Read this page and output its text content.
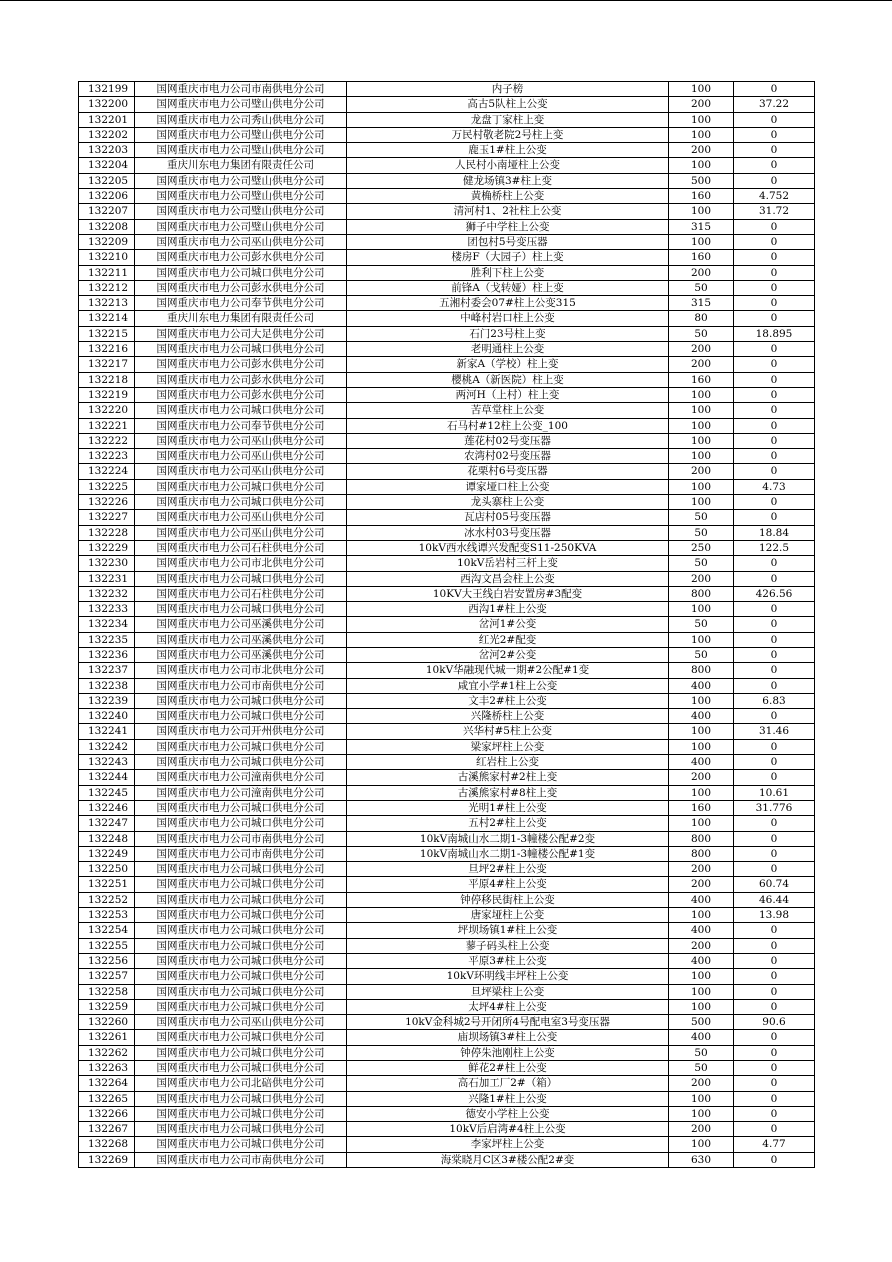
132199	国网重庆市电力公司市南供电分公司	内子榜	100	0
132200	国网重庆市电力公司璧山供电分公司	高古5队柱上公变	200	37.22
132201	国网重庆市电力公司秀山供电分公司	龙盘丁家柱上变	100	0
132202	国网重庆市电力公司璧山供电分公司	万民村敬老院2号柱上变	100	0
132203	国网重庆市电力公司璧山供电分公司	鹿玉1#柱上公变	200	0
132204	重庆川东电力集团有限责任公司	人民村小南垭柱上公变	100	0
132205	国网重庆市电力公司璧山供电分公司	健龙场镇3#柱上变	500	0
132206	国网重庆市电力公司璧山供电分公司	黄桷桥柱上公变	160	4.752
132207	国网重庆市电力公司璧山供电分公司	清河村1、2社柱上公变	100	31.72
132208	国网重庆市电力公司璧山供电分公司	狮子中学柱上公变	315	0
132209	国网重庆市电力公司巫山供电分公司	团包村5号变压器	100	0
132210	国网重庆市电力公司彭水供电分公司	楼房F（大园子）柱上变	160	0
132211	国网重庆市电力公司城口供电分公司	胜利下柱上公变	200	0
132212	国网重庆市电力公司彭水供电分公司	前锋A（戈转娅）柱上变	50	0
132213	国网重庆市电力公司奉节供电分公司	五湘村委会07#柱上公变315	315	0
132214	重庆川东电力集团有限责任公司	中峰村岩口柱上公变	80	0
132215	国网重庆市电力公司大足供电分公司	石门23号柱上变	50	18.895
132216	国网重庆市电力公司城口供电分公司	老明通柱上公变	200	0
132217	国网重庆市电力公司彭水供电分公司	新家A（学校）柱上变	200	0
132218	国网重庆市电力公司彭水供电分公司	樱桃A（新医院）柱上变	160	0
132219	国网重庆市电力公司彭水供电分公司	两河H（上村）柱上变	100	0
132220	国网重庆市电力公司城口供电分公司	苦草堂柱上公变	100	0
132221	国网重庆市电力公司奉节供电分公司	石马村#12柱上公变_100	100	0
132222	国网重庆市电力公司巫山供电分公司	莲花村02号变压器	100	0
132223	国网重庆市电力公司巫山供电分公司	农湾村02号变压器	100	0
132224	国网重庆市电力公司巫山供电分公司	花栗村6号变压器	200	0
132225	国网重庆市电力公司城口供电分公司	谭家垭口柱上公变	100	4.73
132226	国网重庆市电力公司城口供电分公司	龙头寨柱上公变	100	0
132227	国网重庆市电力公司巫山供电分公司	瓦店村05号变压器	50	0
132228	国网重庆市电力公司巫山供电分公司	冰水村03号变压器	50	18.84
132229	国网重庆市电力公司石柱供电分公司	10kV西水线谭兴发配变S11-250KVA	250	122.5
132230	国网重庆市电力公司市北供电分公司	10kV岳岩村三杆上变	50	0
132231	国网重庆市电力公司城口供电分公司	西沟文昌会柱上公变	200	0
132232	国网重庆市电力公司石柱供电分公司	10KV大王线白岩安置房#3配变	800	426.56
132233	国网重庆市电力公司城口供电分公司	西沟1#柱上公变	100	0
132234	国网重庆市电力公司巫溪供电分公司	岔河1#公变	50	0
132235	国网重庆市电力公司巫溪供电分公司	红光2#配变	100	0
132236	国网重庆市电力公司巫溪供电分公司	岔河2#公变	50	0
132237	国网重庆市电力公司市北供电分公司	10kV华融现代城一期#2公配#1变	800	0
132238	国网重庆市电力公司市南供电分公司	咸宜小学#1柱上公变	400	0
132239	国网重庆市电力公司城口供电分公司	文丰2#柱上公变	100	6.83
132240	国网重庆市电力公司城口供电分公司	兴隆桥柱上公变	400	0
132241	国网重庆市电力公司开州供电分公司	兴华村#5柱上公变	100	31.46
132242	国网重庆市电力公司城口供电分公司	梁家坪柱上公变	100	0
132243	国网重庆市电力公司城口供电分公司	红岩柱上公变	400	0
132244	国网重庆市电力公司潼南供电分公司	古溪熊家村#2柱上变	200	0
132245	国网重庆市电力公司潼南供电分公司	古溪熊家村#8柱上变	100	10.61
132246	国网重庆市电力公司城口供电分公司	光明1#柱上公变	160	31.776
132247	国网重庆市电力公司城口供电分公司	五村2#柱上公变	100	0
132248	国网重庆市电力公司市南供电分公司	10kV南城山水二期1-3幢楼公配#2变	800	0
132249	国网重庆市电力公司市南供电分公司	10kV南城山水二期1-3幢楼公配#1变	800	0
132250	国网重庆市电力公司城口供电分公司	旦坪2#柱上公变	200	0
132251	国网重庆市电力公司城口供电分公司	平原4#柱上公变	200	60.74
132252	国网重庆市电力公司城口供电分公司	钟停移民街柱上公变	400	46.44
132253	国网重庆市电力公司城口供电分公司	唐家垭柱上公变	100	13.98
132254	国网重庆市电力公司城口供电分公司	坪坝场镇1#柱上公变	400	0
132255	国网重庆市电力公司城口供电分公司	蓼子码头柱上公变	200	0
132256	国网重庆市电力公司城口供电分公司	平原3#柱上公变	400	0
132257	国网重庆市电力公司城口供电分公司	10kV环明线丰坪柱上公变	100	0
132258	国网重庆市电力公司城口供电分公司	旦坪梁柱上公变	100	0
132259	国网重庆市电力公司城口供电分公司	太坪4#柱上公变	100	0
132260	国网重庆市电力公司巫山供电分公司	10kV金科城2号开闭所4号配电室3号变压器	500	90.6
132261	国网重庆市电力公司城口供电分公司	庙坝场镇3#柱上公变	400	0
132262	国网重庆市电力公司城口供电分公司	钟停朱池刚柱上公变	50	0
132263	国网重庆市电力公司城口供电分公司	鲜花2#柱上公变	50	0
132264	国网重庆市电力公司北碚供电分公司	高石加工厂2#（箱）	200	0
132265	国网重庆市电力公司城口供电分公司	兴隆1#柱上公变	100	0
132266	国网重庆市电力公司城口供电分公司	德安小学柱上公变	100	0
132267	国网重庆市电力公司城口供电分公司	10kV后启湾#4柱上公变	200	0
132268	国网重庆市电力公司城口供电分公司	李家坪柱上公变	100	4.77
132269	国网重庆市电力公司市南供电分公司	海棠晓月C区3#楼公配2#变	630	0
